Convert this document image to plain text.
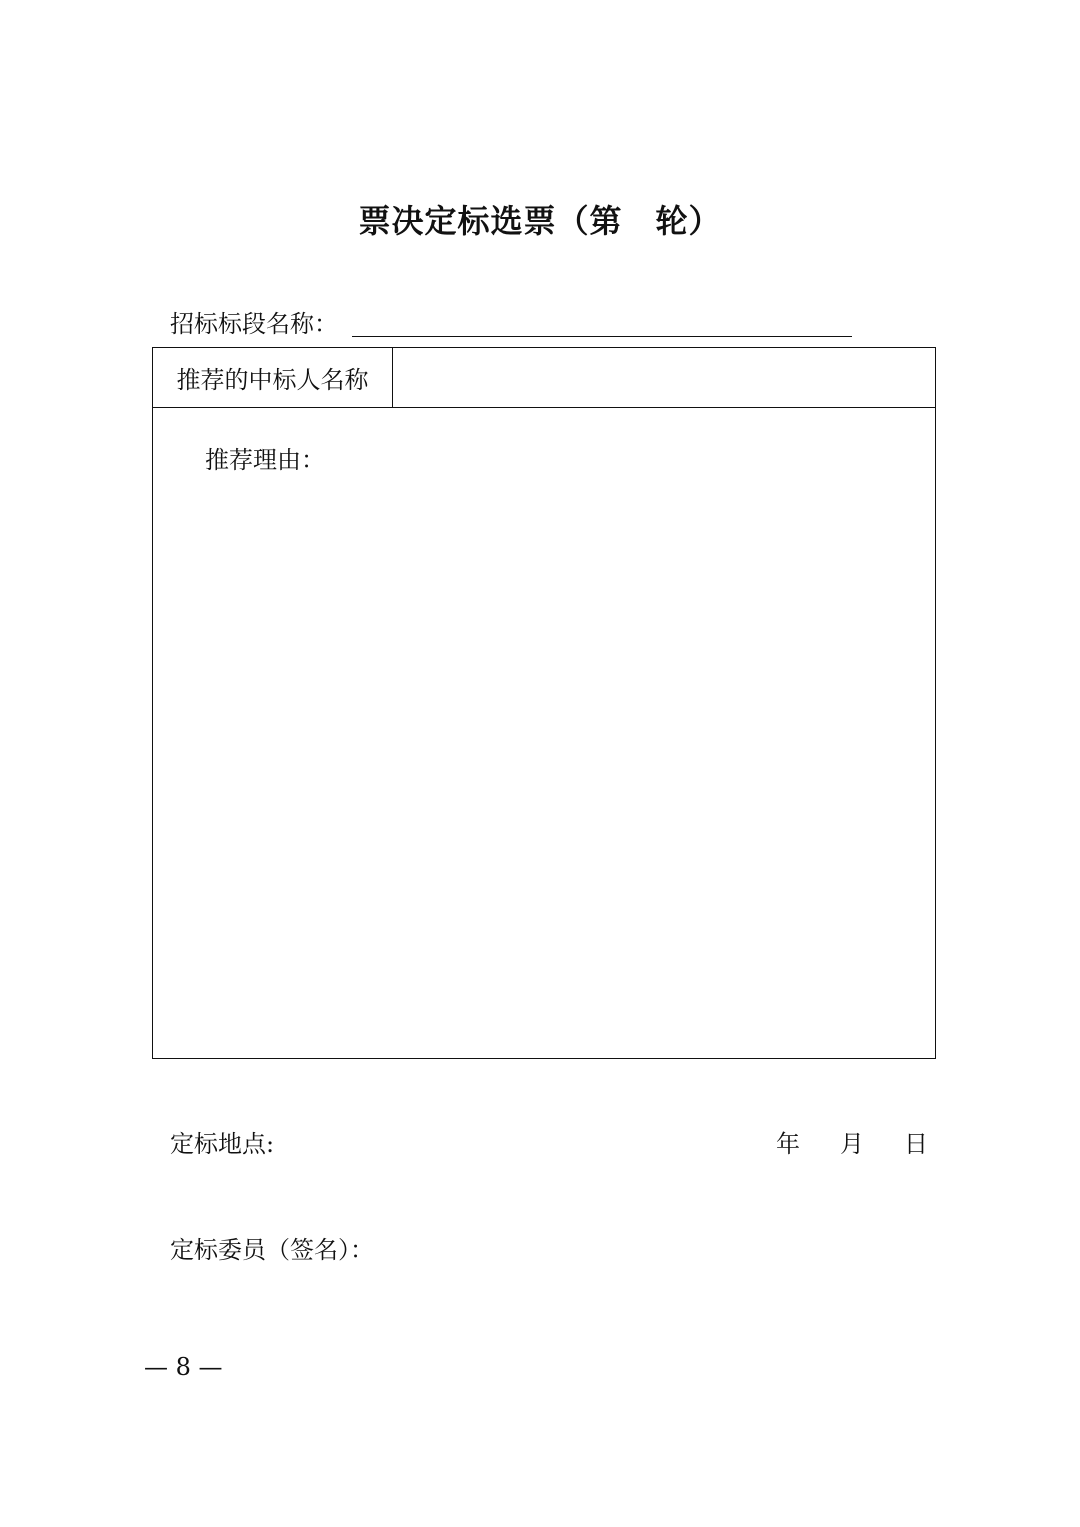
票决定标选票（第　轮）
招标标段名称：
推荐的中标人名称
推荐理由：
定标地点:	年	月	日
定标委员（签名）：
— 8 —
